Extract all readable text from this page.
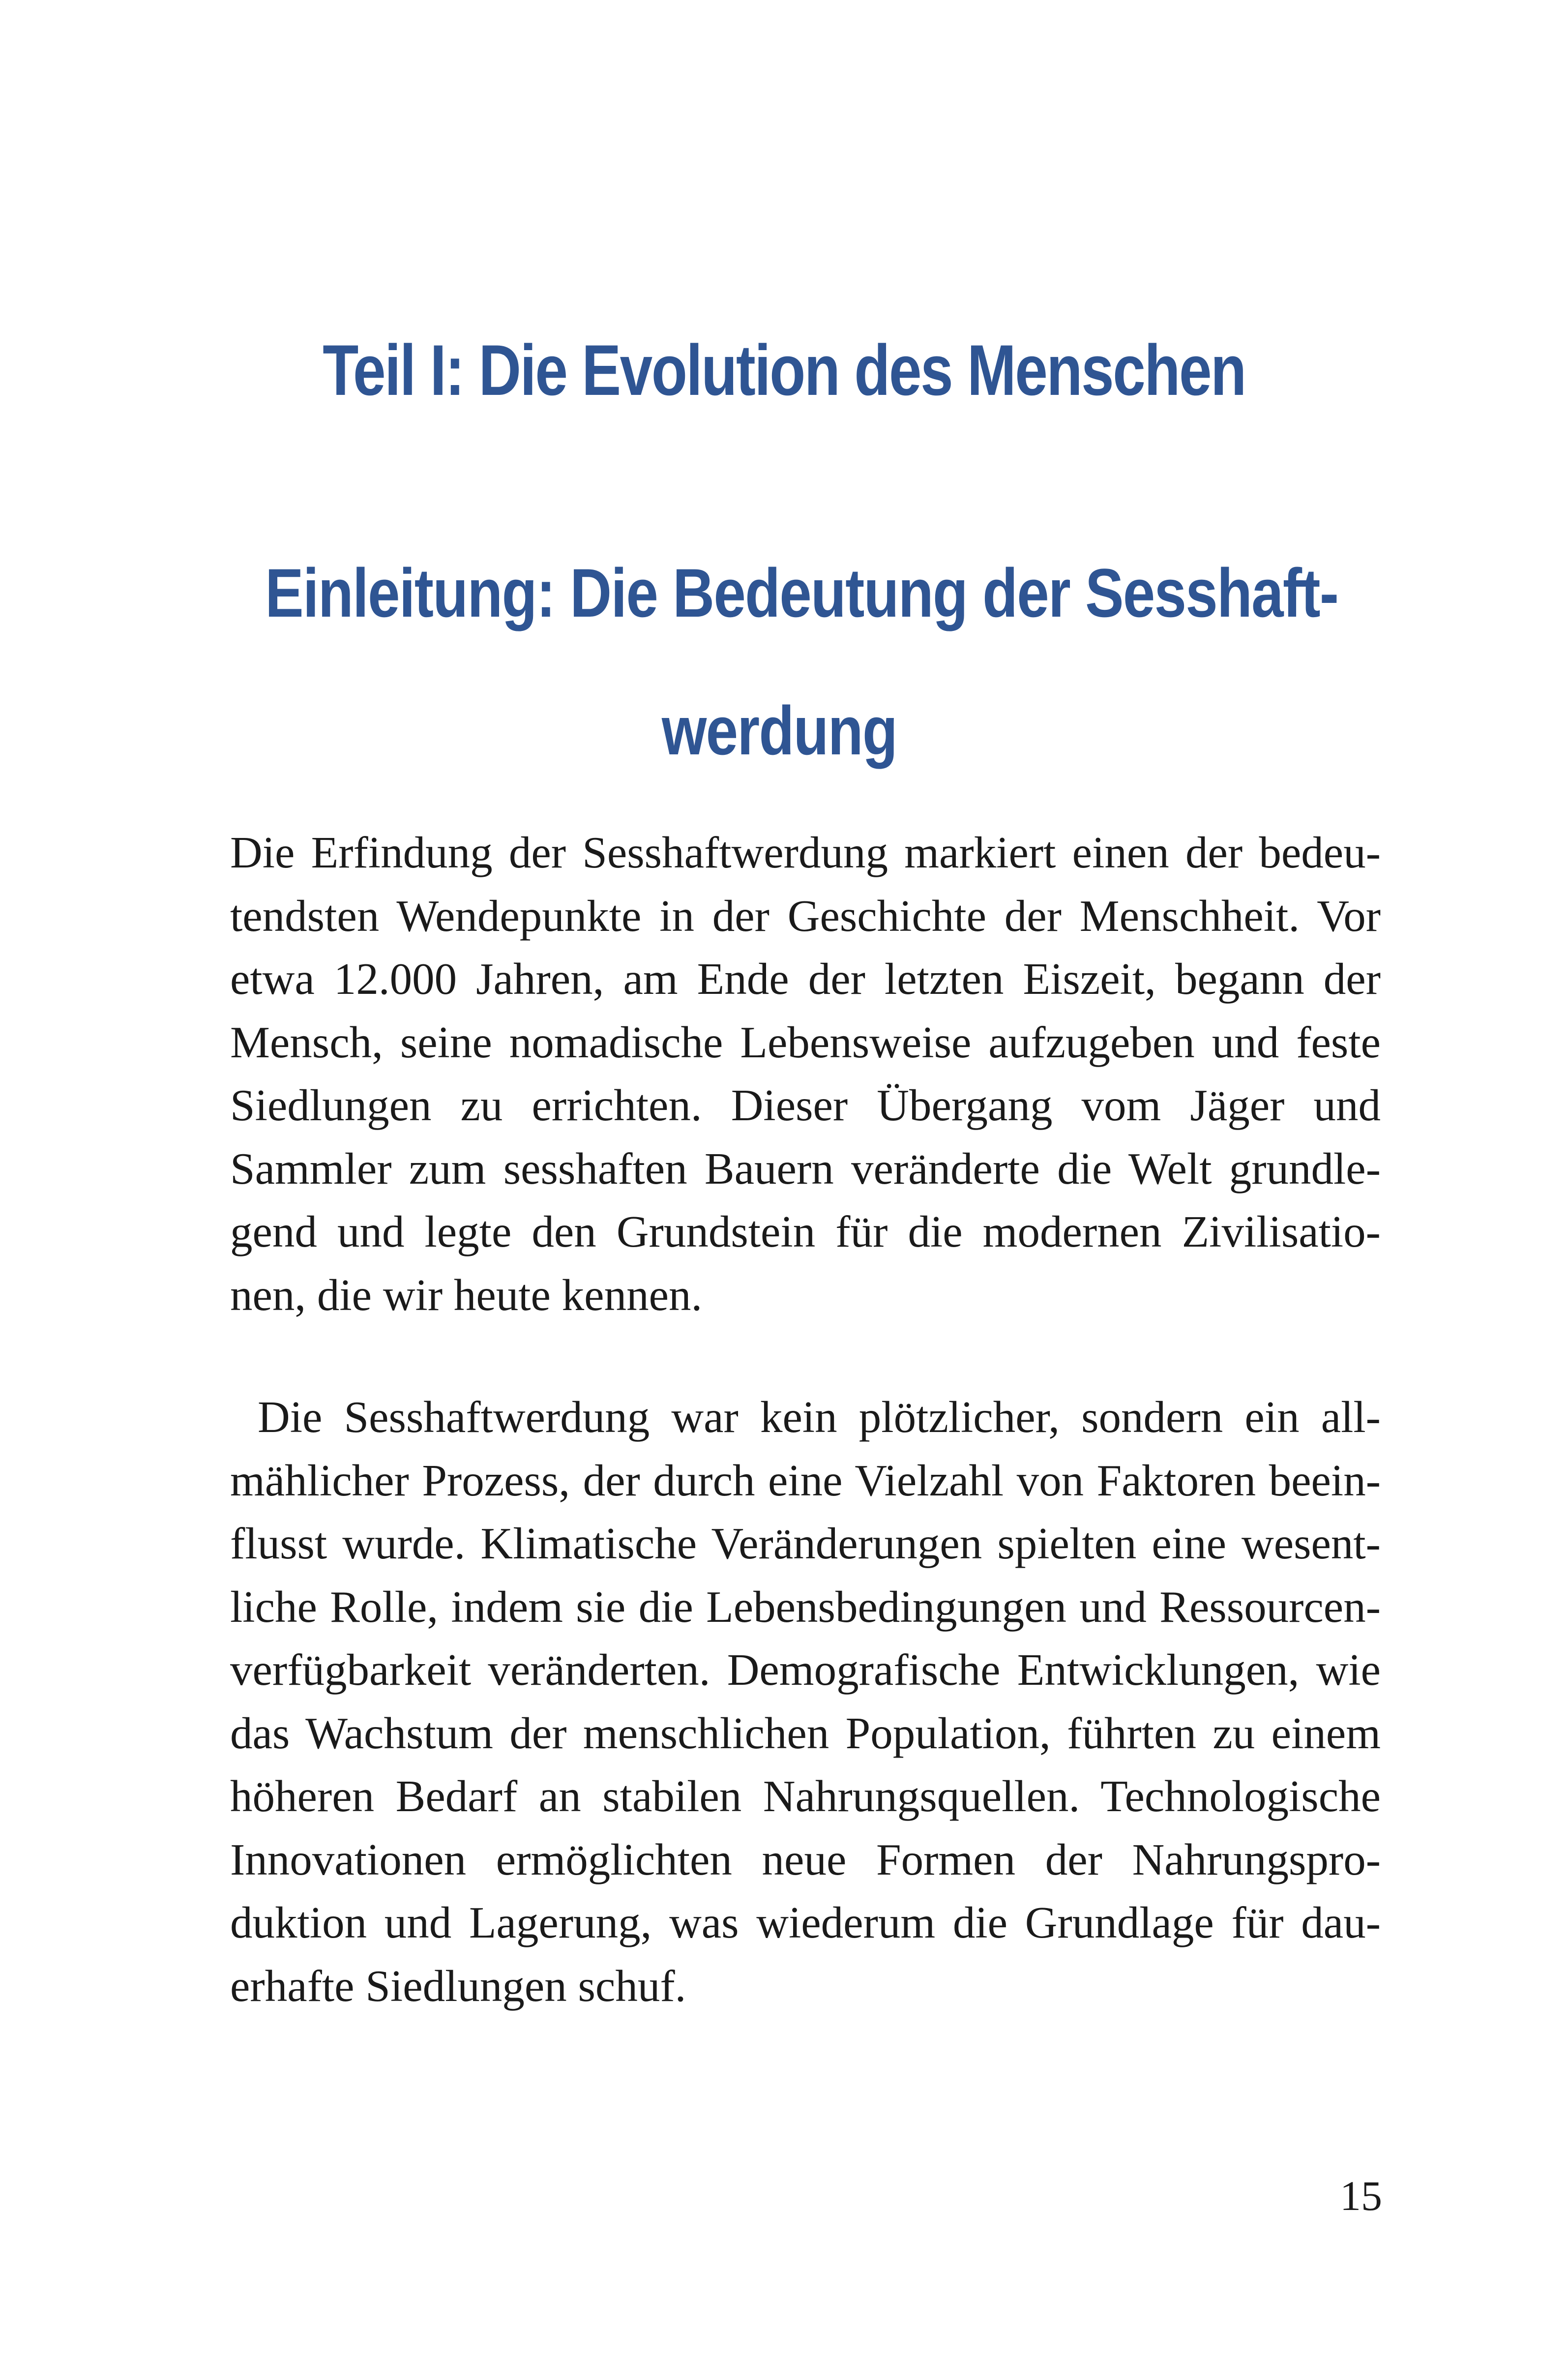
Teil I: Die Evolution des Menschen
Einleitung: Die Bedeutung der Sesshaft-
werdung
Die Erfindung der Sesshaftwerdung markiert einen der bedeu-
tendsten Wendepunkte in der Geschichte der Menschheit. Vor
etwa 12.000 Jahren, am Ende der letzten Eiszeit, begann der
Mensch, seine nomadische Lebensweise aufzugeben und feste
Siedlungen zu errichten. Dieser Übergang vom Jäger und
Sammler zum sesshaften Bauern veränderte die Welt grundle-
gend und legte den Grundstein für die modernen Zivilisatio-
nen, die wir heute kennen.
Die Sesshaftwerdung war kein plötzlicher, sondern ein all-
mählicher Prozess, der durch eine Vielzahl von Faktoren beein-
flusst wurde. Klimatische Veränderungen spielten eine wesent-
liche Rolle, indem sie die Lebensbedingungen und Ressourcen-
verfügbarkeit veränderten. Demografische Entwicklungen, wie
das Wachstum der menschlichen Population, führten zu einem
höheren Bedarf an stabilen Nahrungsquellen. Technologische
Innovationen ermöglichten neue Formen der Nahrungspro-
duktion und Lagerung, was wiederum die Grundlage für dau-
erhafte Siedlungen schuf.
15
